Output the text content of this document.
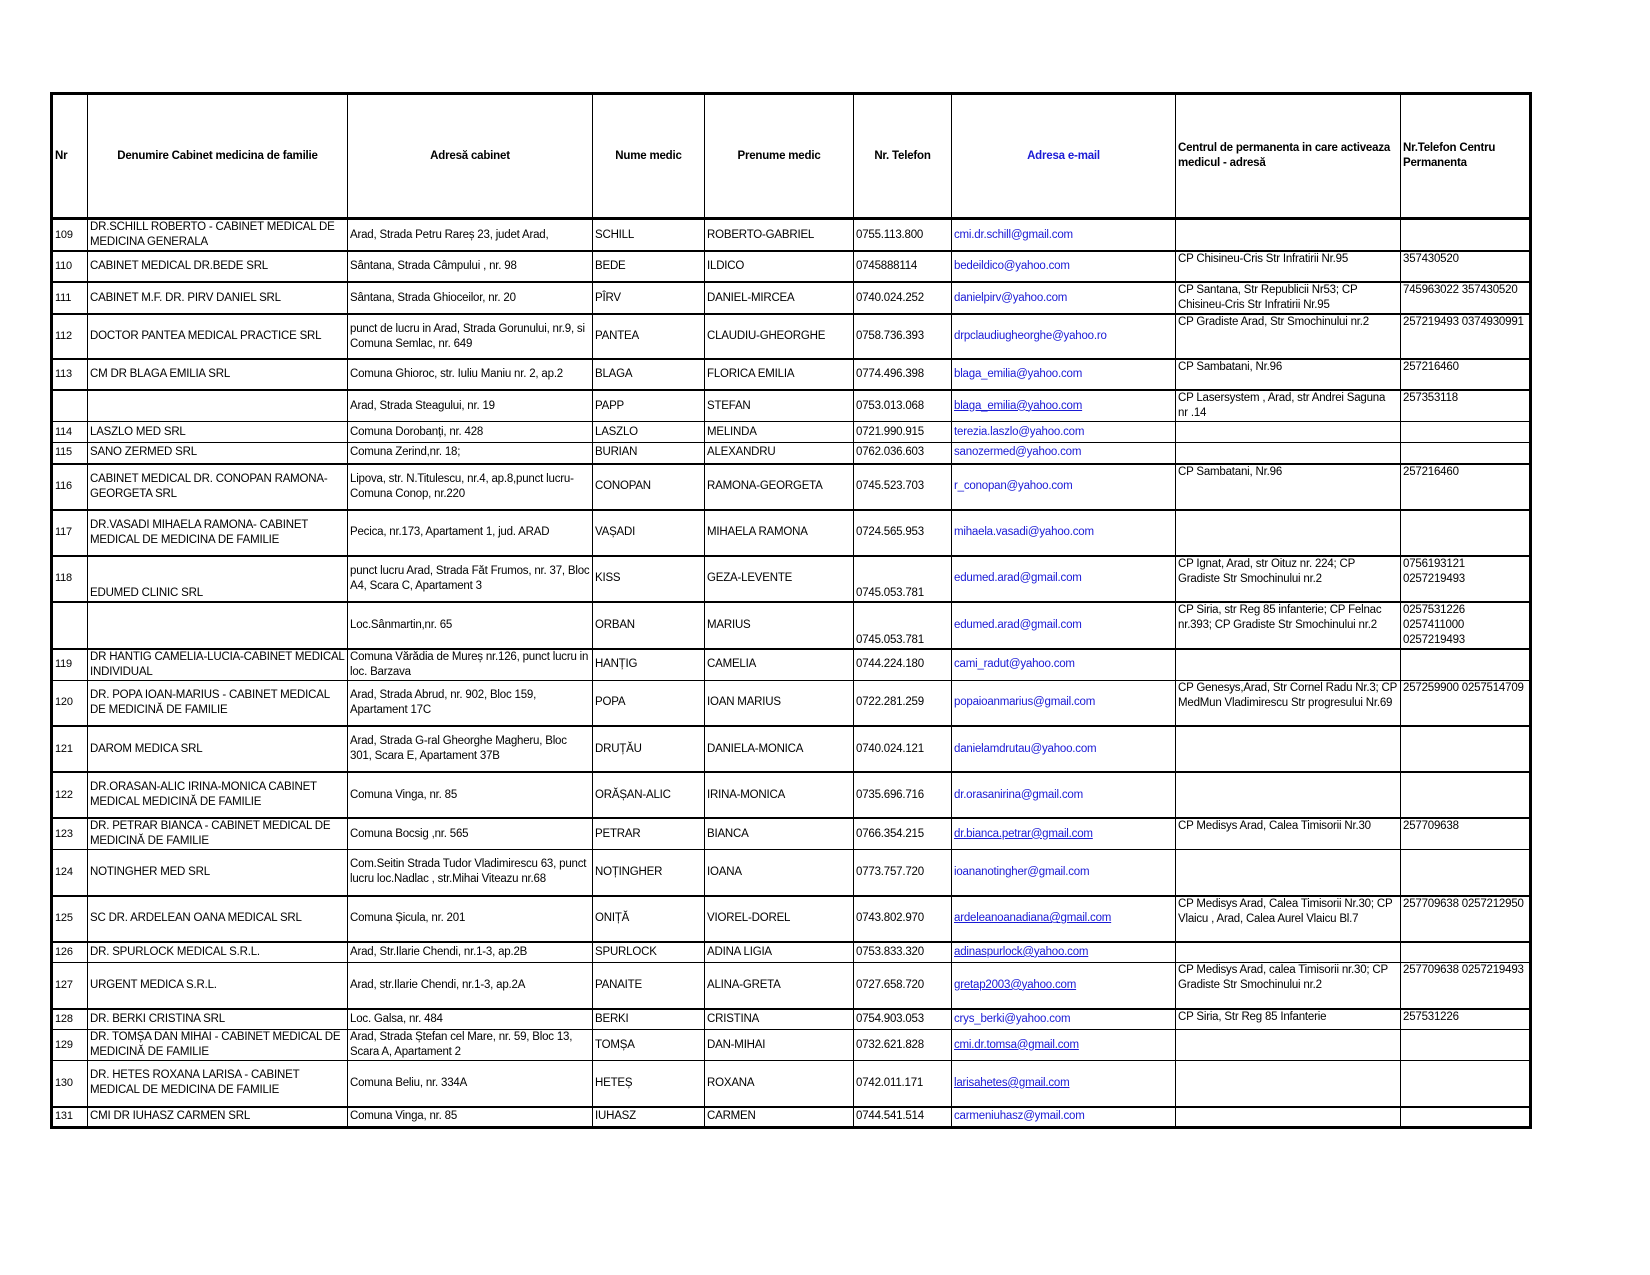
Nr	Denumire Cabinet medicina de familie	Adresă cabinet	Nume medic	Prenume medic	Nr. Telefon	Adresa e-mail	Centrul de permanenta in care activeaza medicul - adresă	Nr.Telefon Centru Permanenta
109	DR.SCHILL ROBERTO - CABINET MEDICAL DE MEDICINA GENERALA	Arad, Strada Petru Rareș 23, judet Arad,	SCHILL	ROBERTO-GABRIEL	0755.113.800	cmi.dr.schill@gmail.com		
110	CABINET MEDICAL DR.BEDE SRL	Sântana, Strada Câmpului , nr. 98	BEDE	ILDICO	0745888114	bedeildico@yahoo.com	CP Chisineu-Cris Str Infratirii Nr.95	357430520
111	CABINET M.F. DR. PIRV DANIEL SRL	Sântana, Strada Ghioceilor, nr. 20	PÎRV	DANIEL-MIRCEA	0740.024.252	danielpirv@yahoo.com	CP Santana, Str Republicii Nr53; CP Chisineu-Cris Str Infratirii Nr.95	745963022 357430520
112	DOCTOR PANTEA MEDICAL PRACTICE SRL	punct de lucru in Arad, Strada Gorunului, nr.9, si Comuna Semlac, nr. 649	PANTEA	CLAUDIU-GHEORGHE	0758.736.393	drpclaudiugheorghe@yahoo.ro	CP Gradiste Arad, Str Smochinului nr.2	257219493 0374930991
113	CM DR BLAGA EMILIA SRL	Comuna Ghioroc, str. Iuliu Maniu nr. 2, ap.2	BLAGA	FLORICA EMILIA	0774.496.398	blaga_emilia@yahoo.com	CP Sambatani, Nr.96	257216460
		Arad, Strada Steagului, nr. 19	PAPP	STEFAN	0753.013.068	blaga_emilia@yahoo.com	CP Lasersystem , Arad, str Andrei Saguna nr .14	257353118
114	LASZLO MED SRL	Comuna Dorobanți, nr. 428	LASZLO	MELINDA	0721.990.915	terezia.laszlo@yahoo.com		
115	SANO ZERMED SRL	Comuna Zerind,nr. 18;	BURIAN	ALEXANDRU	0762.036.603	sanozermed@yahoo.com		
116	CABINET MEDICAL DR. CONOPAN RAMONA-GEORGETA SRL	Lipova, str. N.Titulescu, nr.4, ap.8,punct lucru-Comuna Conop, nr.220	CONOPAN	RAMONA-GEORGETA	0745.523.703	r_conopan@yahoo.com	CP Sambatani, Nr.96	257216460
117	DR.VASADI MIHAELA RAMONA- CABINET MEDICAL DE MEDICINA DE FAMILIE	Pecica, nr.173, Apartament 1, jud. ARAD	VAȘADI	MIHAELA RAMONA	0724.565.953	mihaela.vasadi@yahoo.com		
118	EDUMED CLINIC SRL	punct lucru Arad, Strada Făt Frumos, nr. 37, Bloc A4, Scara C, Apartament 3	KISS	GEZA-LEVENTE	0745.053.781	edumed.arad@gmail.com	CP Ignat, Arad, str Oituz nr. 224; CP Gradiste Str Smochinului nr.2	0756193121 0257219493
		Loc.Sânmartin,nr. 65	ORBAN	MARIUS	0745.053.781	edumed.arad@gmail.com	CP Siria, str Reg 85 infanterie; CP Felnac nr.393; CP Gradiste Str Smochinului nr.2	0257531226 0257411000 0257219493
119	DR HANTIG CAMELIA-LUCIA-CABINET MEDICAL INDIVIDUAL	Comuna Vărădia de Mureș nr.126, punct lucru in loc. Barzava	HANȚIG	CAMELIA	0744.224.180	cami_radut@yahoo.com		
120	DR. POPA IOAN-MARIUS - CABINET MEDICAL DE MEDICINĂ DE FAMILIE	Arad, Strada Abrud, nr. 902, Bloc 159, Apartament 17C	POPA	IOAN MARIUS	0722.281.259	popaioanmarius@gmail.com	CP Genesys,Arad, Str Cornel Radu Nr.3; CP MedMun Vladimirescu Str progresului Nr.69	257259900 0257514709
121	DAROM MEDICA SRL	Arad, Strada G-ral Gheorghe Magheru, Bloc 301, Scara E, Apartament 37B	DRUȚĂU	DANIELA-MONICA	0740.024.121	danielamdrutau@yahoo.com		
122	DR.ORASAN-ALIC IRINA-MONICA CABINET MEDICAL MEDICINĂ DE FAMILIE	Comuna Vinga, nr. 85	ORĂȘAN-ALIC	IRINA-MONICA	0735.696.716	dr.orasanirina@gmail.com		
123	DR. PETRAR BIANCA - CABINET MEDICAL DE MEDICINĂ DE FAMILIE	Comuna Bocsig ,nr. 565	PETRAR	BIANCA	0766.354.215	dr.bianca.petrar@gmail.com	CP Medisys Arad, Calea Timisorii Nr.30	257709638
124	NOTINGHER MED SRL	Com.Seitin Strada Tudor Vladimirescu 63, punct lucru loc.Nadlac , str.Mihai Viteazu nr.68	NOȚINGHER	IOANA	0773.757.720	ioananotingher@gmail.com		
125	SC DR. ARDELEAN OANA MEDICAL SRL	Comuna Șicula, nr. 201	ONIȚĂ	VIOREL-DOREL	0743.802.970	ardeleanoanadiana@gmail.com	CP Medisys Arad, Calea Timisorii Nr.30; CP Vlaicu , Arad, Calea Aurel Vlaicu Bl.7	257709638 0257212950
126	DR. SPURLOCK MEDICAL S.R.L.	Arad, Str.Ilarie Chendi, nr.1-3, ap.2B	SPURLOCK	ADINA LIGIA	0753.833.320	adinaspurlock@yahoo.com		
127	URGENT MEDICA S.R.L.	Arad, str.Ilarie Chendi, nr.1-3, ap.2A	PANAITE	ALINA-GRETA	0727.658.720	gretap2003@yahoo.com	CP Medisys Arad, calea Timisorii nr.30; CP Gradiste Str Smochinului nr.2	257709638 0257219493
128	DR. BERKI CRISTINA SRL	Loc. Galsa, nr. 484	BERKI	CRISTINA	0754.903.053	crys_berki@yahoo.com	CP Siria, Str Reg 85 Infanterie	257531226
129	DR. TOMȘA DAN MIHAI - CABINET MEDICAL DE MEDICINĂ DE FAMILIE	Arad, Strada Ștefan cel Mare, nr. 59, Bloc 13, Scara A, Apartament 2	TOMȘA	DAN-MIHAI	0732.621.828	cmi.dr.tomsa@gmail.com		
130	DR. HETES ROXANA LARISA - CABINET MEDICAL DE MEDICINA DE FAMILIE	Comuna Beliu, nr. 334A	HETEȘ	ROXANA	0742.011.171	larisahetes@gmail.com		
131	CMI DR IUHASZ CARMEN SRL	Comuna Vinga, nr. 85	IUHASZ	CARMEN	0744.541.514	carmeniuhasz@ymail.com		
